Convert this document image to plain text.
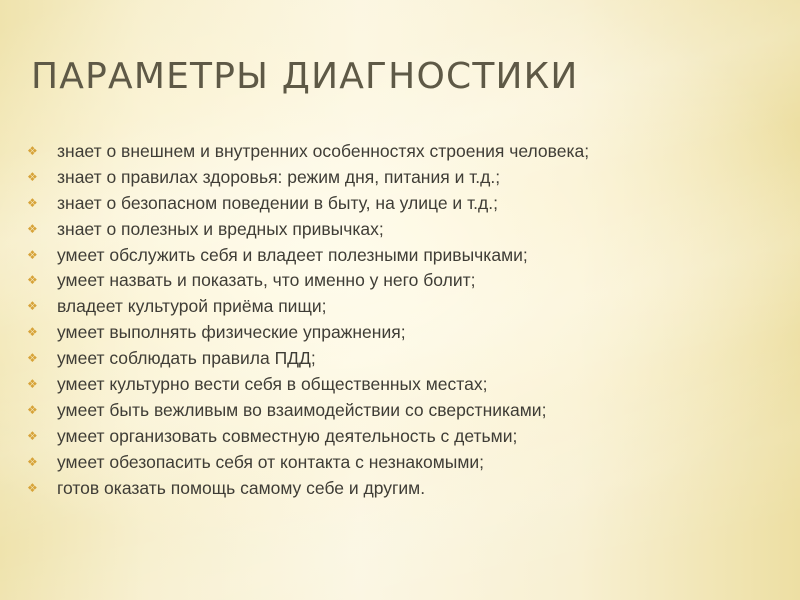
ПАРАМЕТРЫ ДИАГНОСТИКИ
❖	знает о внешнем и внутренних особенностях строения человека;
❖	знает о правилах здоровья: режим дня, питания и т.д.;
❖	знает о безопасном поведении в быту, на улице и т.д.;
❖	знает о полезных и вредных привычках;
❖	умеет обслужить себя и владеет полезными привычками;
❖	умеет назвать и показать, что именно у него болит;
❖	владеет культурой приёма пищи;
❖	умеет выполнять физические упражнения;
❖	умеет соблюдать правила ПДД;
❖	умеет культурно вести себя в общественных местах;
❖	умеет быть вежливым во взаимодействии со сверстниками;
❖	умеет организовать совместную деятельность с детьми;
❖	умеет обезопасить себя от контакта с незнакомыми;
❖	готов оказать помощь самому себе и другим.
